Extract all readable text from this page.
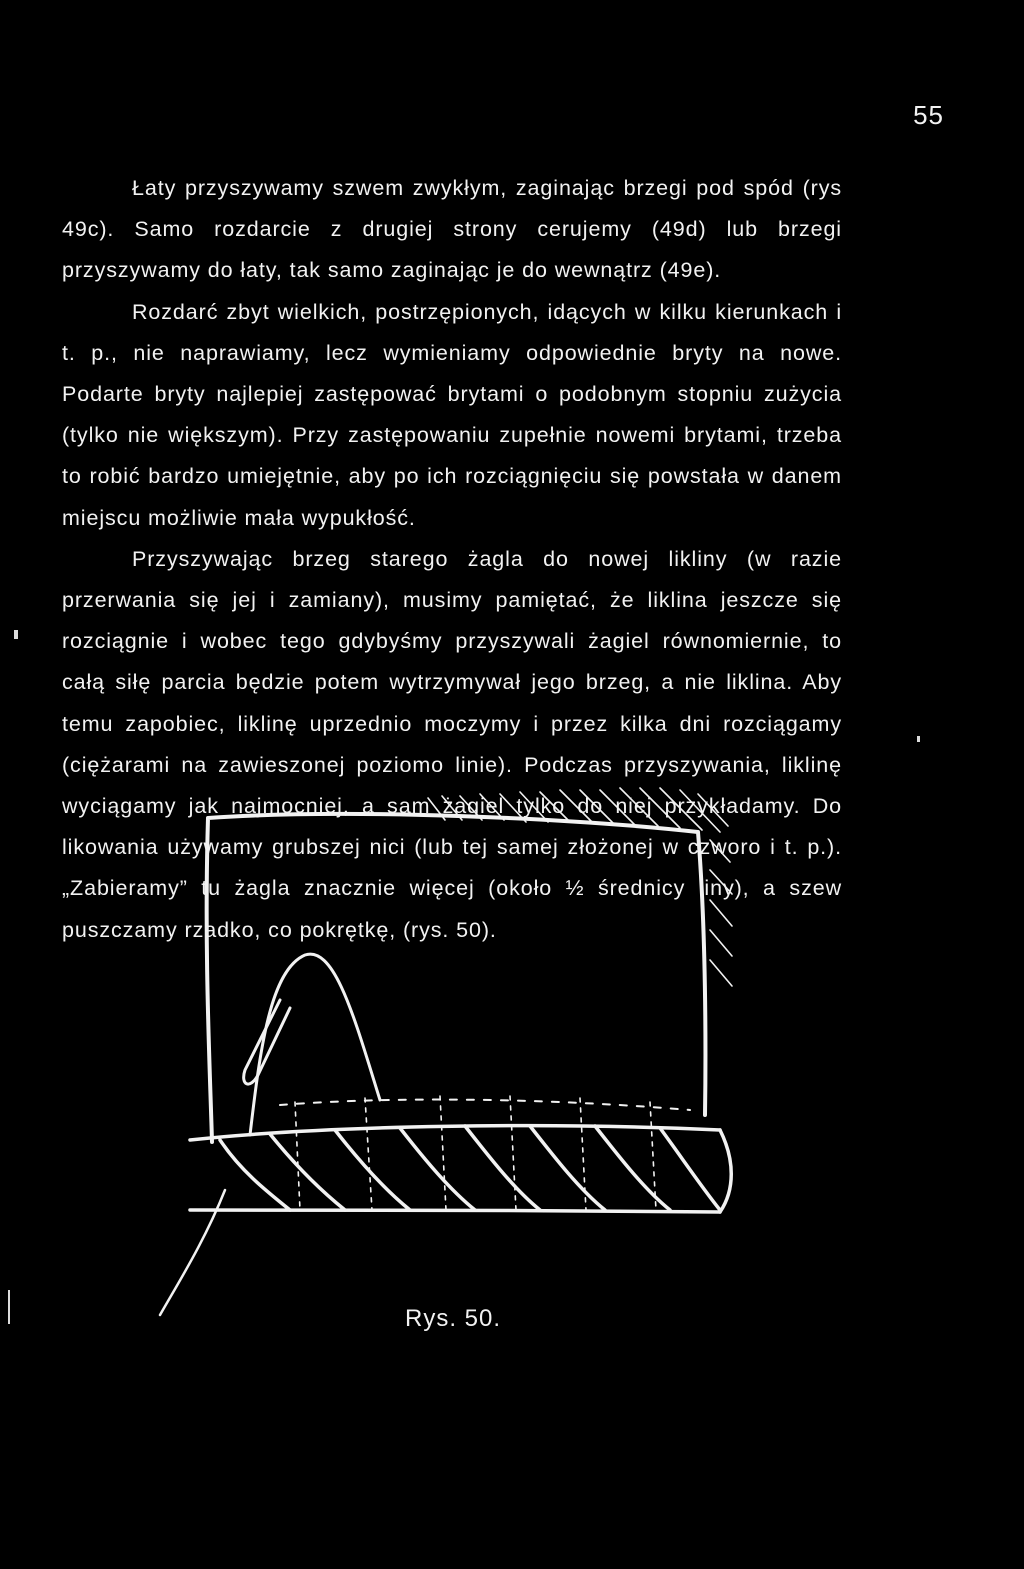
55

Łaty przyszywamy szwem zwykłym, zaginając brzegi pod spód (rys 49c). Samo rozdarcie z drugiej strony cerujemy (49d) lub brzegi przyszywamy do łaty, tak samo zaginając je do wewnątrz (49e).

Rozdarć zbyt wielkich, postrzępionych, idących w kilku kierunkach i t. p., nie naprawiamy, lecz wymieniamy odpowiednie bryty na nowe. Podarte bryty najlepiej zastępować brytami o podobnym stopniu zużycia (tylko nie większym). Przy zastępowaniu zupełnie nowemi brytami, trzeba to robić bardzo umiejętnie, aby po ich rozciągnięciu się powstała w danem miejscu możliwie mała wypukłość.

Przyszywając brzeg starego żagla do nowej likliny (w razie przerwania się jej i zamiany), musimy pamiętać, że liklina jeszcze się rozciągnie i wobec tego gdybyśmy przyszywali żagiel równomiernie, to całą siłę parcia będzie potem wytrzymywał jego brzeg, a nie liklina. Aby temu zapobiec, liklinę uprzednio moczymy i przez kilka dni rozciągamy (ciężarami na zawieszonej poziomo linie). Podczas przyszywania, liklinę wyciągamy jak najmocniej, a sam żagiel tylko do niej przykładamy. Do likowania używamy grubszej nici (lub tej samej złożonej w czworo i t. p.). „Zabieramy” tu żagla znacznie więcej (około ½ średnicy liny), a szew puszczamy rzadko, co pokrętkę, (rys. 50).

Rys. 50.
